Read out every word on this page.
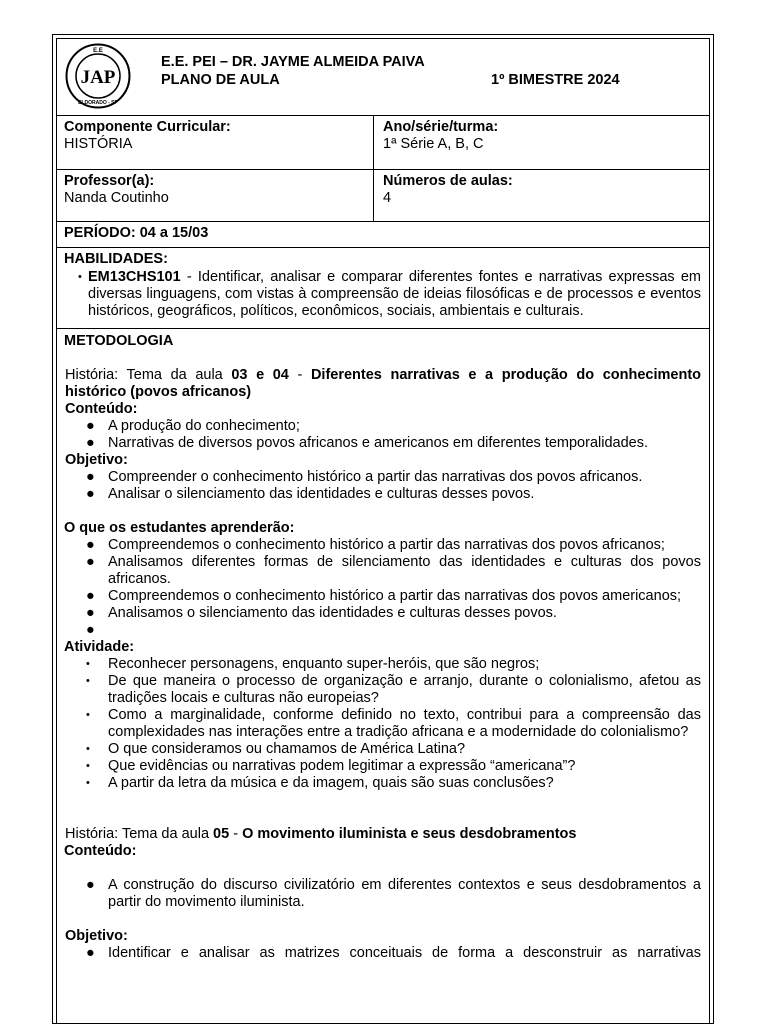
E.E
JAP
ELDORADO - SP
E.E. PEI – DR. JAYME ALMEIDA PAIVA
PLANO DE AULA	1º BIMESTRE 2024
Componente Curricular:
HISTÓRIA
Ano/série/turma:
1ª Série A, B, C
Professor(a):
Nanda Coutinho
Números de aulas:
4
PERÍODO: 04 a 15/03
HABILIDADES:
• EM13CHS101 - Identificar, analisar e comparar diferentes fontes e narrativas expressas em diversas linguagens, com vistas à compreensão de ideias filosóficas e de processos e eventos históricos, geográficos, políticos, econômicos, sociais, ambientais e culturais.
METODOLOGIA
História: Tema da aula 03 e 04 - Diferentes narrativas e a produção do conhecimento histórico (povos africanos)
Conteúdo:
● A produção do conhecimento;
● Narrativas de diversos povos africanos e americanos em diferentes temporalidades.
Objetivo:
● Compreender o conhecimento histórico a partir das narrativas dos povos africanos.
● Analisar o silenciamento das identidades e culturas desses povos.
O que os estudantes aprenderão:
● Compreendemos o conhecimento histórico a partir das narrativas dos povos africanos;
● Analisamos diferentes formas de silenciamento das identidades e culturas dos povos africanos.
● Compreendemos o conhecimento histórico a partir das narrativas dos povos americanos;
● Analisamos o silenciamento das identidades e culturas desses povos.
●

Atividade:
• Reconhecer personagens, enquanto super-heróis, que são negros;
• De que maneira o processo de organização e arranjo, durante o colonialismo, afetou as tradições locais e culturas não europeias?
• Como a marginalidade, conforme definido no texto, contribui para a compreensão das complexidades nas interações entre a tradição africana e a modernidade do colonialismo?
• O que consideramos ou chamamos de América Latina?
• Que evidências ou narrativas podem legitimar a expressão “americana”?
• A partir da letra da música e da imagem, quais são suas conclusões?
História: Tema da aula 05 - O movimento iluminista e seus desdobramentos
Conteúdo:
● A construção do discurso civilizatório em diferentes contextos e seus desdobramentos a partir do movimento iluminista.
Objetivo:
● Identificar e analisar as matrizes conceituais de forma a desconstruir as narrativas
